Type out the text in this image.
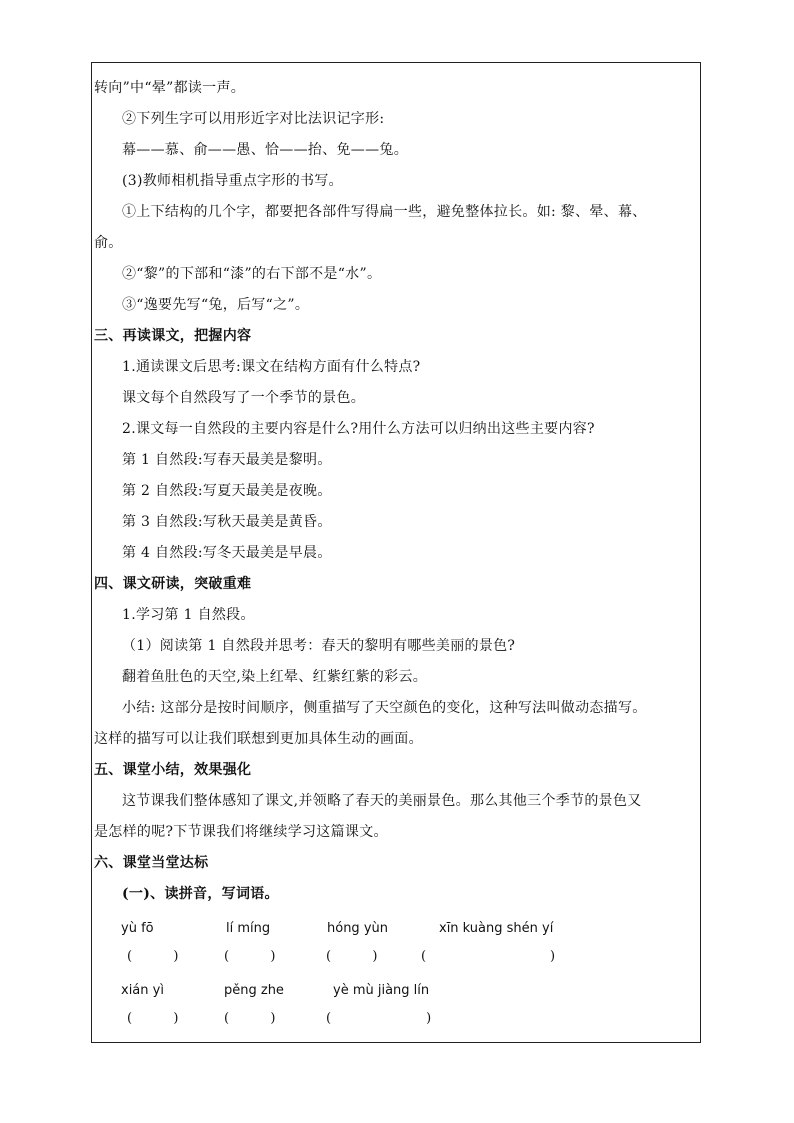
转向”中“晕”都读一声。
②下列生字可以用形近字对比法识记字形:
幕——慕、俞——愚、恰——抬、免——兔。
(3)教师相机指导重点字形的书写。
①上下结构的几个字，都要把各部件写得扁一些，避免整体拉长。如: 黎、晕、幕、
俞。
②“黎”的下部和“漆”的右下部不是“水”。
③“逸要先写“兔，后写“之”。
三、再读课文，把握内容
1.通读课文后思考:课文在结构方面有什么特点?
课文每个自然段写了一个季节的景色。
2.课文每一自然段的主要内容是什么?用什么方法可以归纳出这些主要内容?
第 1 自然段:写春天最美是黎明。
第 2 自然段:写夏天最美是夜晚。
第 3 自然段:写秋天最美是黄昏。
第 4 自然段:写冬天最美是早晨。
四、课文研读，突破重难
1.学习第 1 自然段。
（1）阅读第 1 自然段并思考：春天的黎明有哪些美丽的景色?
翻着鱼肚色的天空,染上红晕、红紫红紫的彩云。
小结: 这部分是按时间顺序，侧重描写了天空颜色的变化，这种写法叫做动态描写。
这样的描写可以让我们联想到更加具体生动的画面。
五、课堂小结，效果强化
这节课我们整体感知了课文,并领略了春天的美丽景色。那么其他三个季节的景色又
是怎样的呢?下节课我们将继续学习这篇课文。
六、课堂当堂达标
(一)、读拼音，写词语。
yù fō	lí míng	hóng yùn	xīn kuàng shén yí
(          )	(          )	(          )	(                              )
xián yì	pěng zhe	yè mù jiàng lín
(          )	(          )	(                       )
